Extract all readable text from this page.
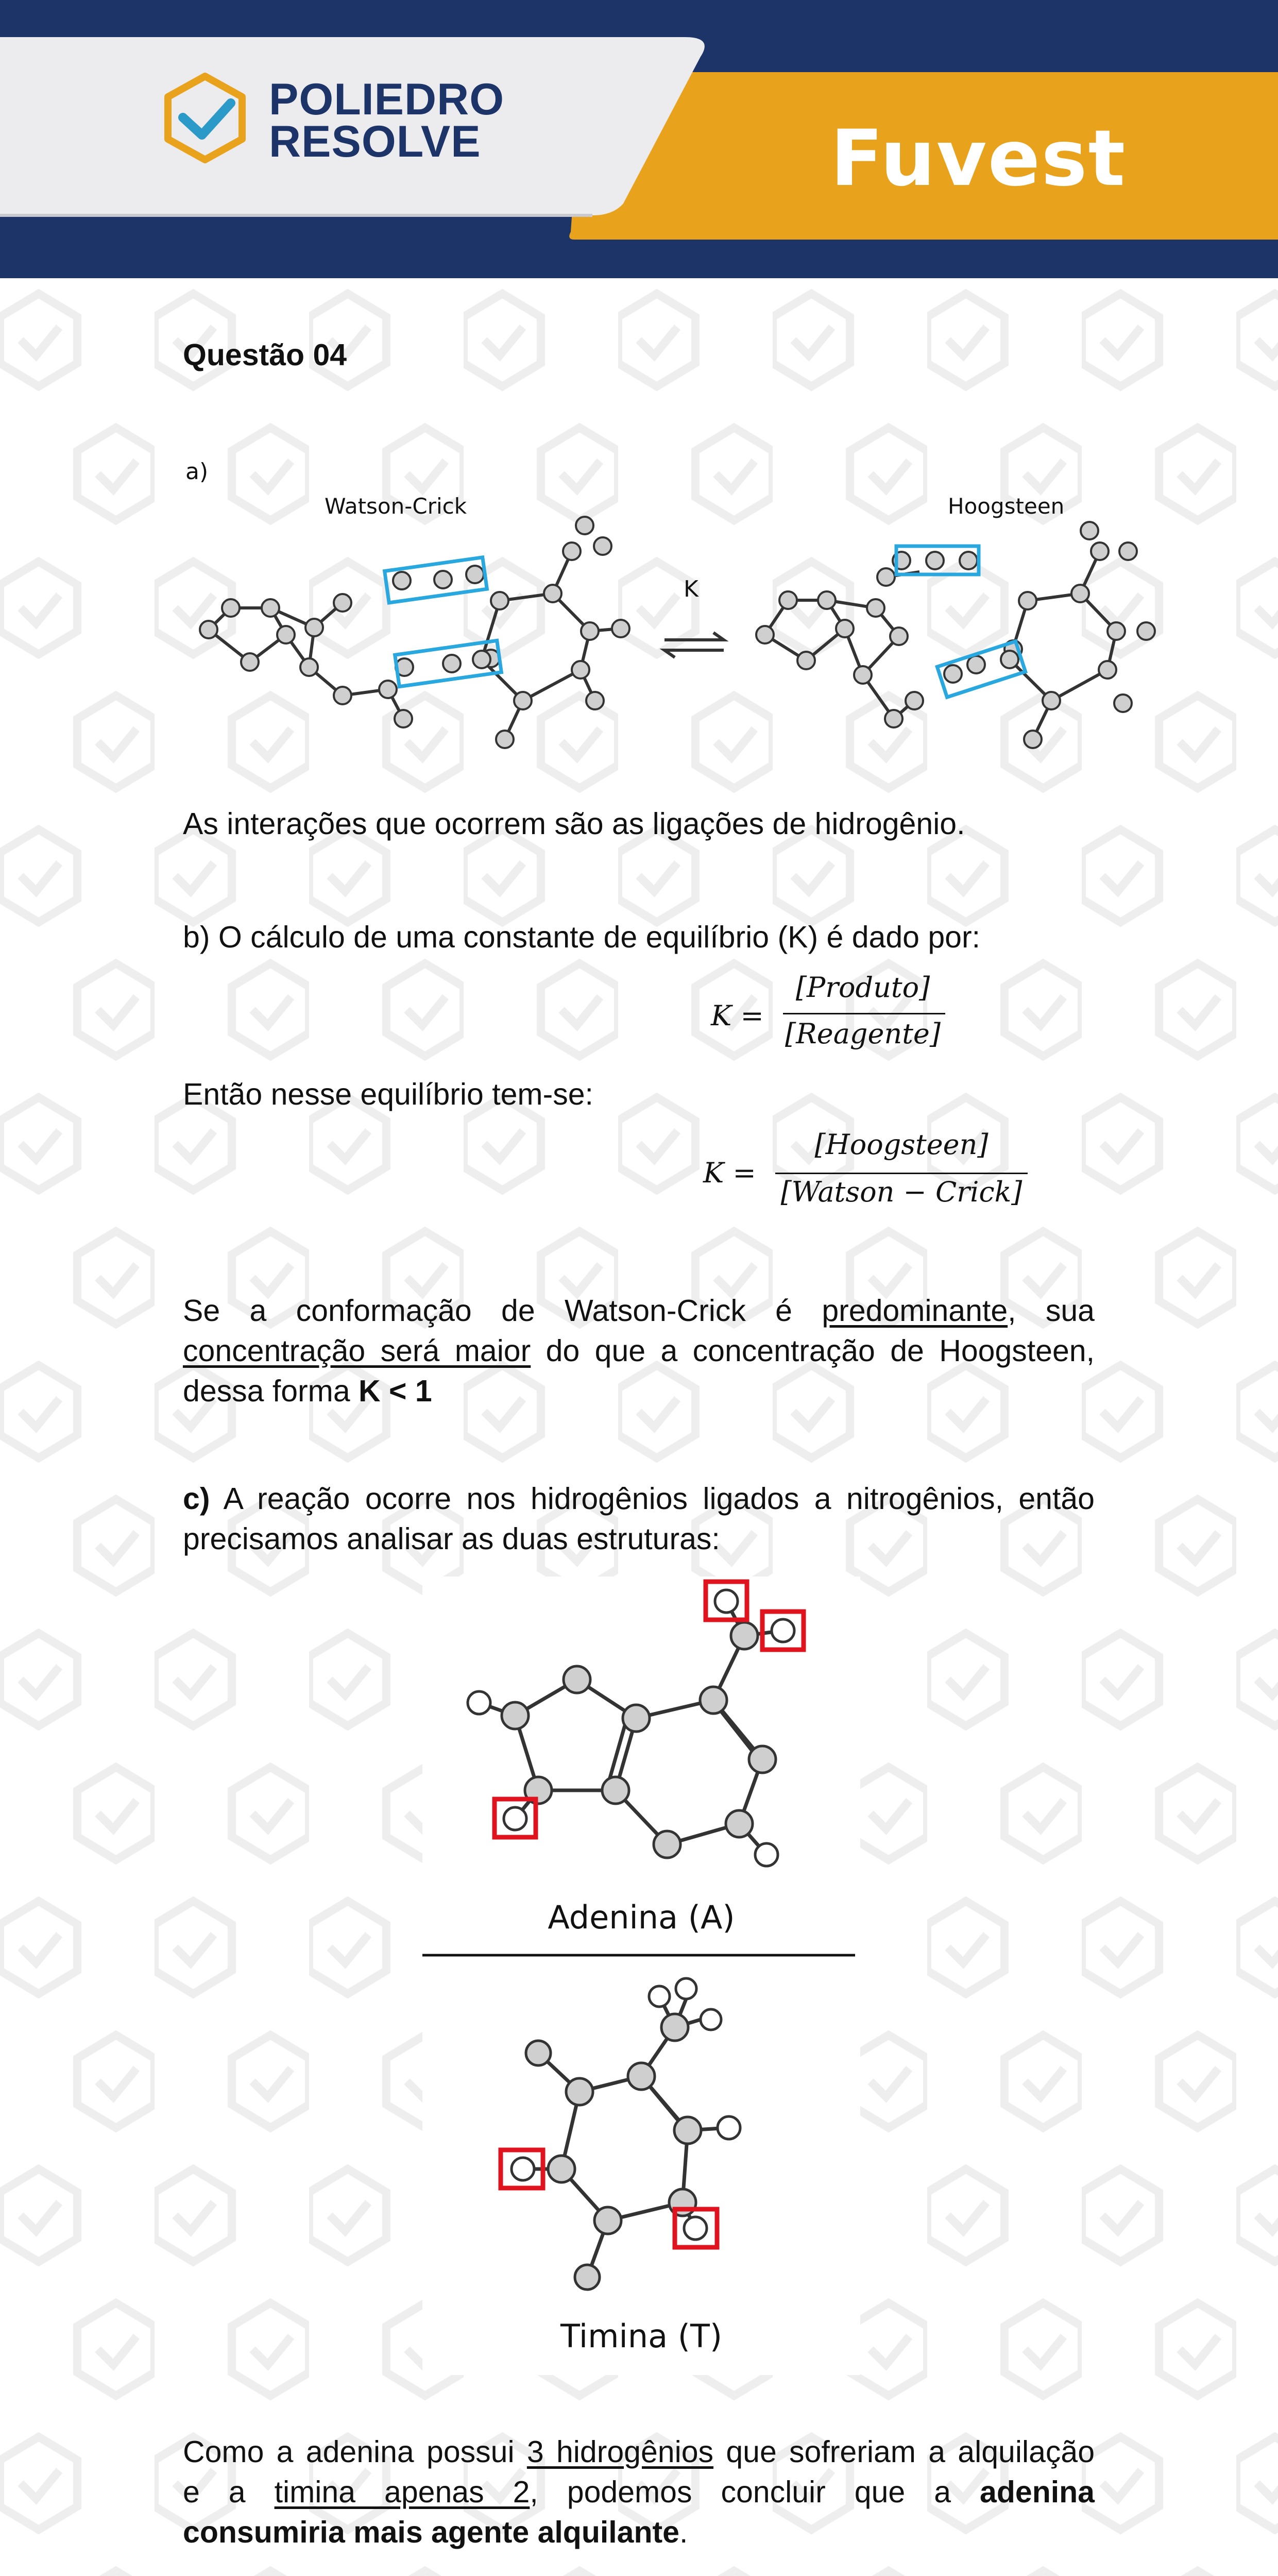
POLIEDRO
RESOLVE	Fuvest
Questão 04
a)
Watson-Crick	Hoogsteen
K
As interações que ocorrem são as ligações de hidrogênio.
b) O cálculo de uma constante de equilíbrio (K) é dado por:
K =
[Produto]
[Reagente]
Então nesse equilíbrio tem-se:
K =
[Hoogsteen]
[Watson − Crick]
Se a conformação de Watson-Crick é predominante, sua
concentração será maior do que a concentração de Hoogsteen,
dessa forma K < 1
c) A reação ocorre nos hidrogênios ligados a nitrogênios, então
precisamos analisar as duas estruturas:
Adenina (A)
Timina (T)
Como a adenina possui 3 hidrogênios que sofreriam a alquilação
e a timina apenas 2, podemos concluir que a adenina
consumiria mais agente alquilante.
